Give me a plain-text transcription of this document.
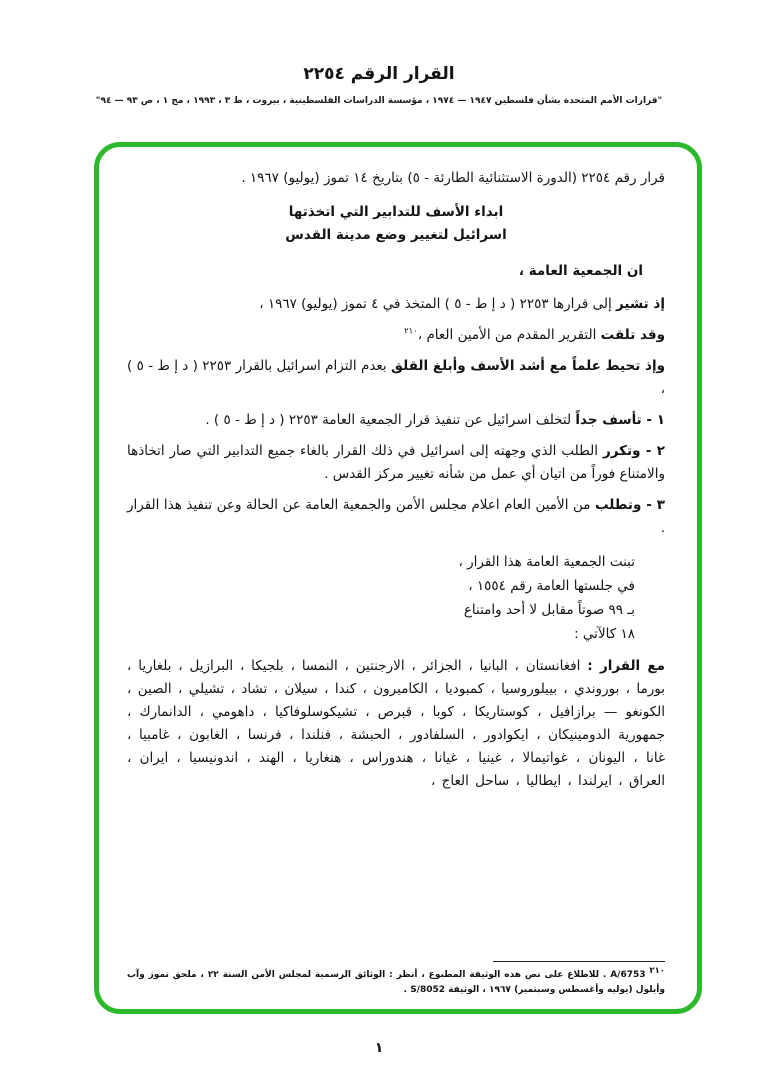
القرار الرقم ٢٢٥٤
"قرارات الأمم المتحدة بشأن فلسطين ١٩٤٧ — ١٩٧٤ ، مؤسسة الدراسات الفلسطينية ، بيروت ، ط ٣ ، ١٩٩٣ ، مج ١ ، ص ٩٣ — ٩٤"

قرار رقم ٢٢٥٤ (الدورة الاستثنائية الطارئة - ٥) بتاريخ ١٤ تموز (يوليو) ١٩٦٧ .

ابداء الأسف للتدابير التي اتخذتها
اسرائيل لتغيير وضع مدينة القدس

ان الجمعية العامة ،

إذ تشير إلى قرارها ٢٢٥٣ ( د إ ط - ٥ ) المتخذ في ٤ تموز (يوليو) ١٩٦٧ ،

وقد تلقت التقرير المقدم من الأمين العام ،$^{٢١٠}$

وإذ تحيط علماً مع أشد الأسف وأبلغ القلق بعدم التزام اسرائيل بالقرار ٢٢٥٣ ( د إ ط - ٥ ) ،

١ - تأسف جداً لتخلف اسرائيل عن تنفيذ قرار الجمعية العامة ٢٢٥٣ ( د إ ط - ٥ ) .

٢ - وتكرر الطلب الذي وجهته إلى اسرائيل في ذلك القرار بالغاء جميع التدابير التي صار اتخاذها والامتناع فوراً من اتيان أي عمل من شأنه تغيير مركز القدس .

٣ - وتطلب من الأمين العام اعلام مجلس الأمن والجمعية العامة عن الحالة وعن تنفيذ هذا القرار .

تبنت الجمعية العامة هذا القرار ،

في جلستها العامة رقم ١٥٥٤ ،

بـ ٩٩ صوتاً مقابل لا أحد وامتناع

١٨ كالآتي :

مع القرار : افغانستان ، البانيا ، الجزائر ، الارجنتين ، النمسا ، بلجيكا ، البرازيل ، بلغاريا ، بورما ، بوروندي ، بييلوروسيا ، كمبوديا ، الكاميرون ، كندا ، سيلان ، تشاد ، تشيلي ، الصين ، الكونغو — برازافيل ، كوستاريكا ، كوبا ، قبرص ، تشيكوسلوفاكيا ، داهومي ، الدانمارك ، جمهورية الدومينيكان ، ايكوادور ، السلفادور ، الحبشة ، فنلندا ، فرنسا ، الغابون ، غامبيا ، غانا ، اليونان ، غواتيمالا ، غينيا ، غيانا ، هندوراس ، هنغاريا ، الهند ، اندونيسيا ، ايران ، العراق ، ايرلندا ، ايطاليا ، ساحل العاج ،

$^{٢١٠}$ A/6753 . للاطلاع على نص هذه الوثيقة المطبوع ، أنظر : الوثائق الرسمية لمجلس الأمن السنة ٢٢ ، ملحق تموز وآب وأيلول (يوليه وأغسطس وسبتمبر) ١٩٦٧ ، الوثيقة S/8052 .

١
